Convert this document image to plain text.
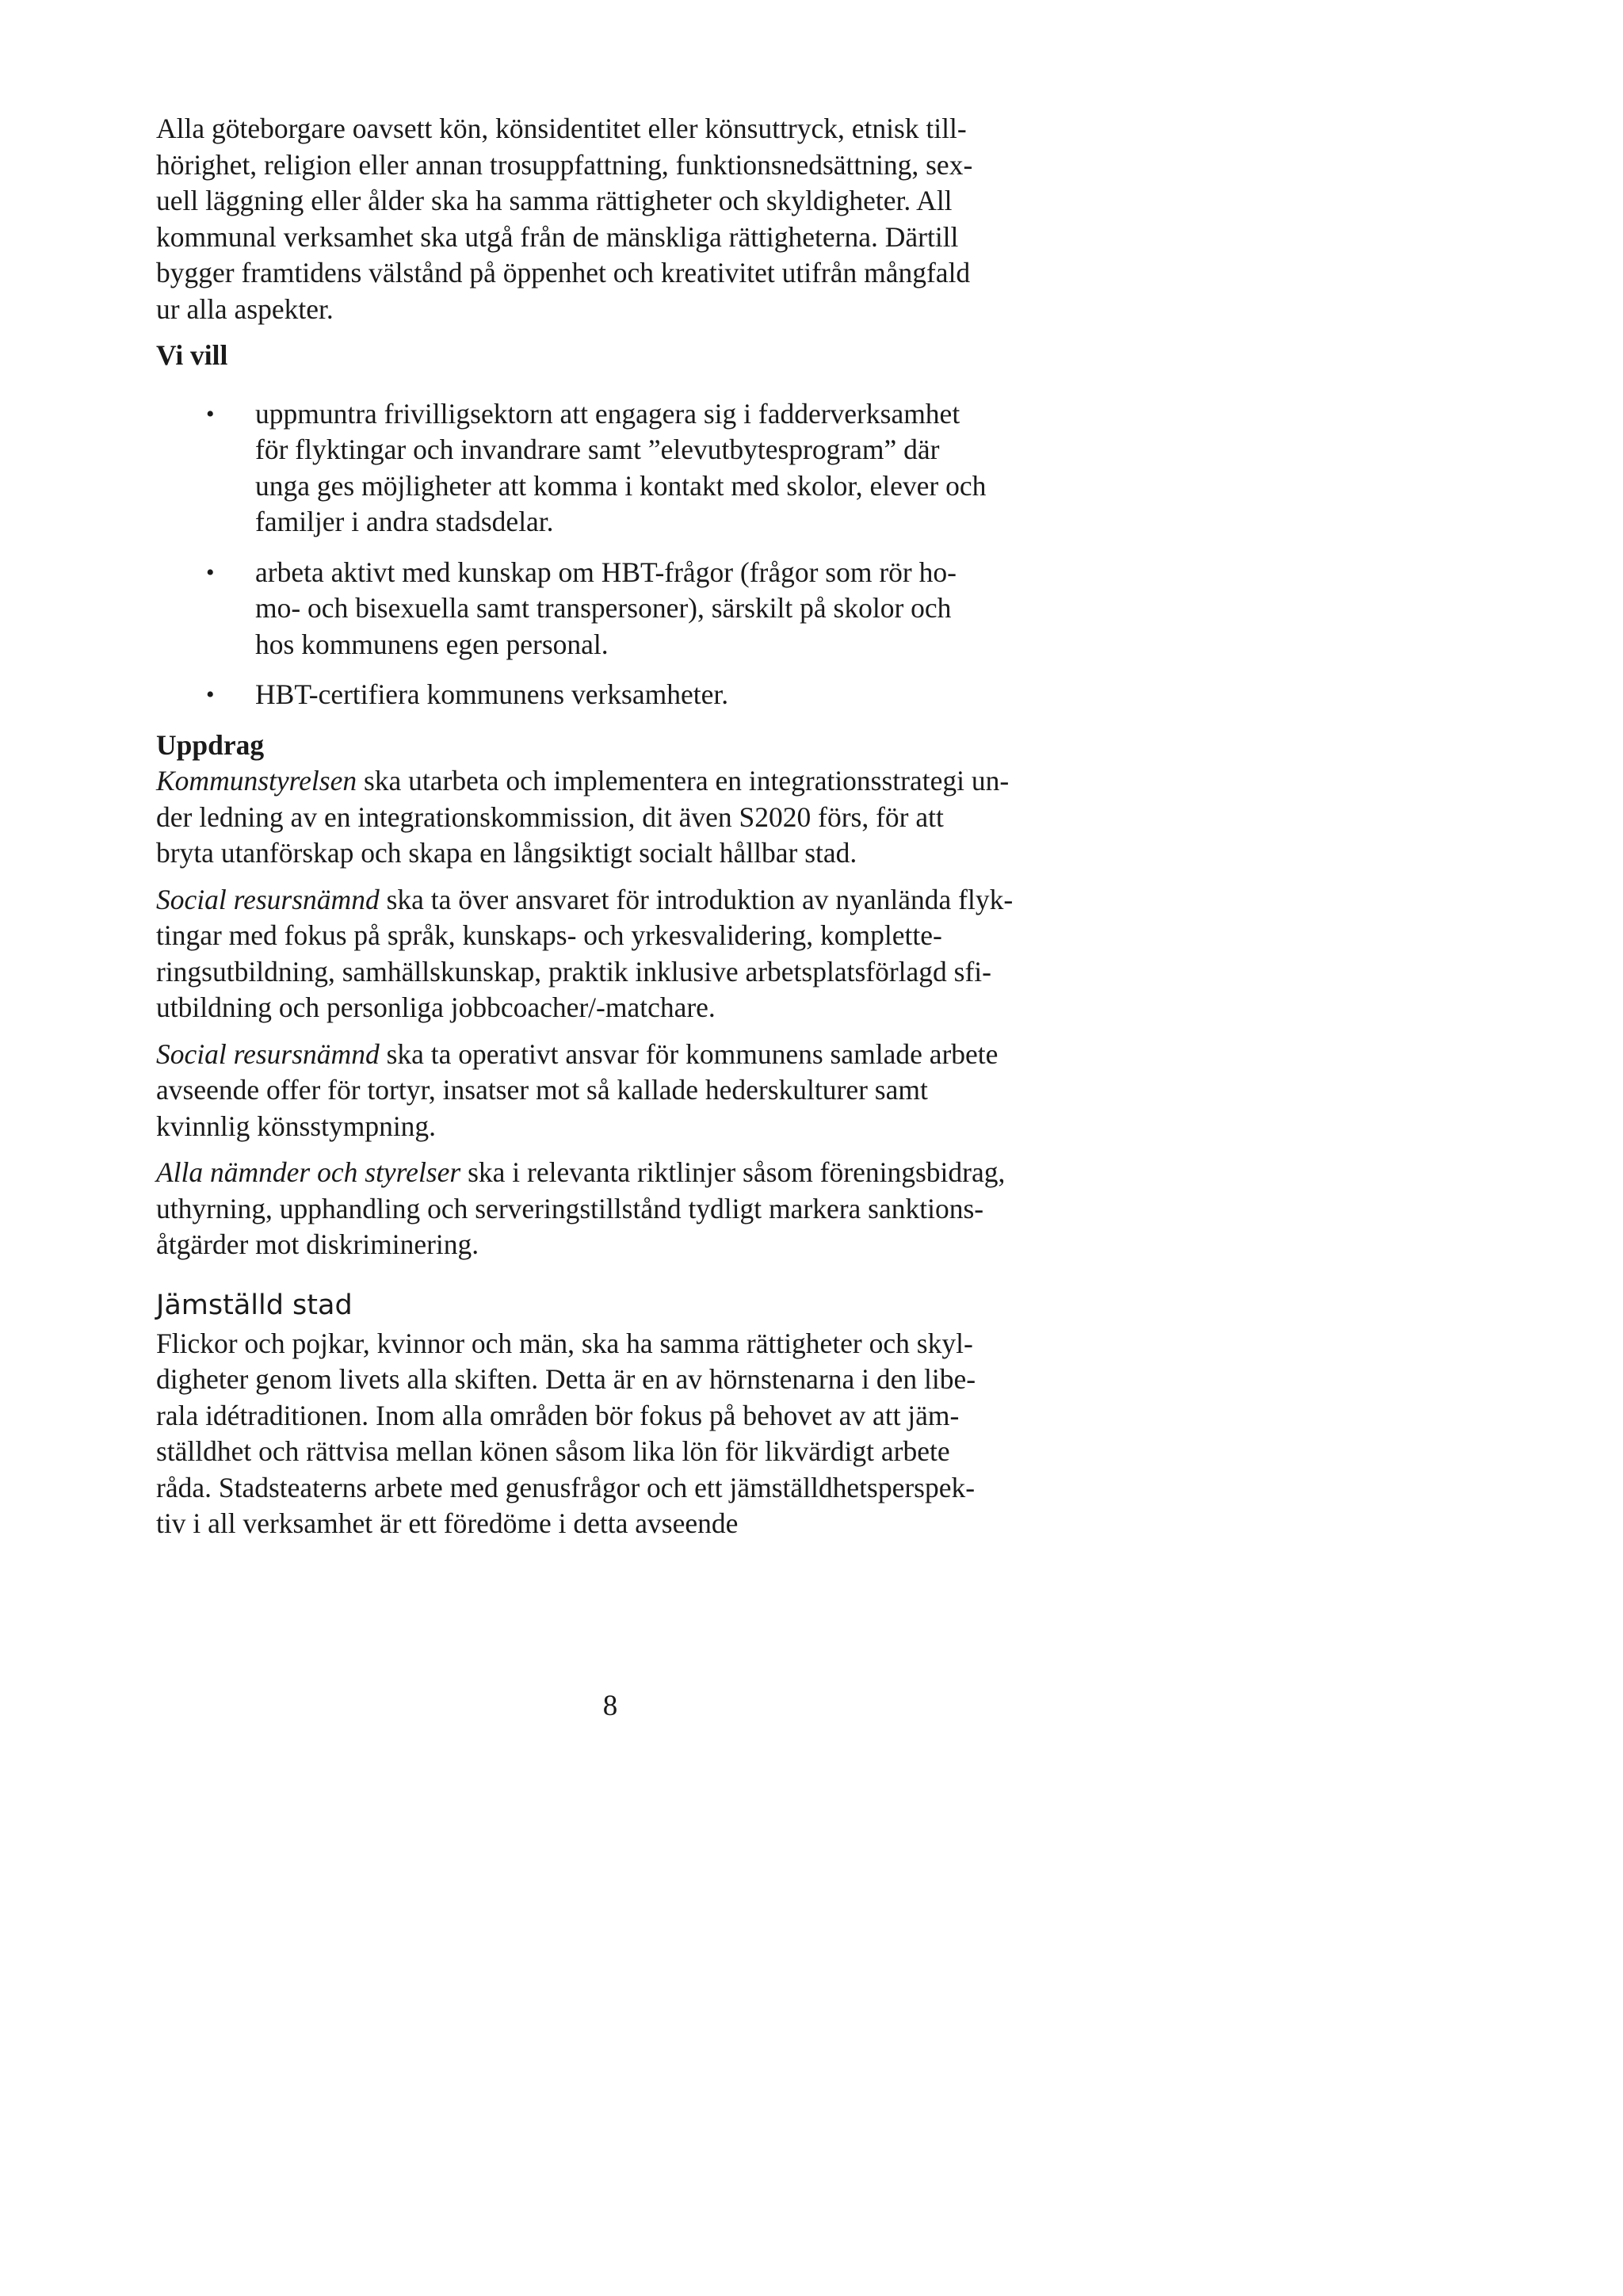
Alla göteborgare oavsett kön, könsidentitet eller könsuttryck, etnisk till-
hörighet, religion eller annan trosuppfattning, funktionsnedsättning, sex-
uell läggning eller ålder ska ha samma rättigheter och skyldigheter. All
kommunal verksamhet ska utgå från de mänskliga rättigheterna. Därtill
bygger framtidens välstånd på öppenhet och kreativitet utifrån mångfald
ur alla aspekter.
Vi vill
• uppmuntra frivilligsektorn att engagera sig i fadderverksamhet
för flyktingar och invandrare samt ”elevutbytesprogram” där
unga ges möjligheter att komma i kontakt med skolor, elever och
familjer i andra stadsdelar.
• arbeta aktivt med kunskap om HBT-frågor (frågor som rör ho-
mo- och bisexuella samt transpersoner), särskilt på skolor och
hos kommunens egen personal.
• HBT-certifiera kommunens verksamheter.
Uppdrag
Kommunstyrelsen ska utarbeta och implementera en integrationsstrategi un-
der ledning av en integrationskommission, dit även S2020 förs, för att
bryta utanförskap och skapa en långsiktigt socialt hållbar stad.
Social resursnämnd ska ta över ansvaret för introduktion av nyanlända flyk-
tingar med fokus på språk, kunskaps- och yrkesvalidering, komplette-
ringsutbildning, samhällskunskap, praktik inklusive arbetsplatsförlagd sfi-
utbildning och personliga jobbcoacher/-matchare.
Social resursnämnd ska ta operativt ansvar för kommunens samlade arbete
avseende offer för tortyr, insatser mot så kallade hederskulturer samt
kvinnlig könsstympning.
Alla nämnder och styrelser ska i relevanta riktlinjer såsom föreningsbidrag,
uthyrning, upphandling och serveringstillstånd tydligt markera sanktions-
åtgärder mot diskriminering.
Jämställd stad
Flickor och pojkar, kvinnor och män, ska ha samma rättigheter och skyl-
digheter genom livets alla skiften. Detta är en av hörnstenarna i den libe-
rala idétraditionen. Inom alla områden bör fokus på behovet av att jäm-
ställdhet och rättvisa mellan könen såsom lika lön för likvärdigt arbete
råda. Stadsteaterns arbete med genusfrågor och ett jämställdhetsperspek-
tiv i all verksamhet är ett föredöme i detta avseende
8
